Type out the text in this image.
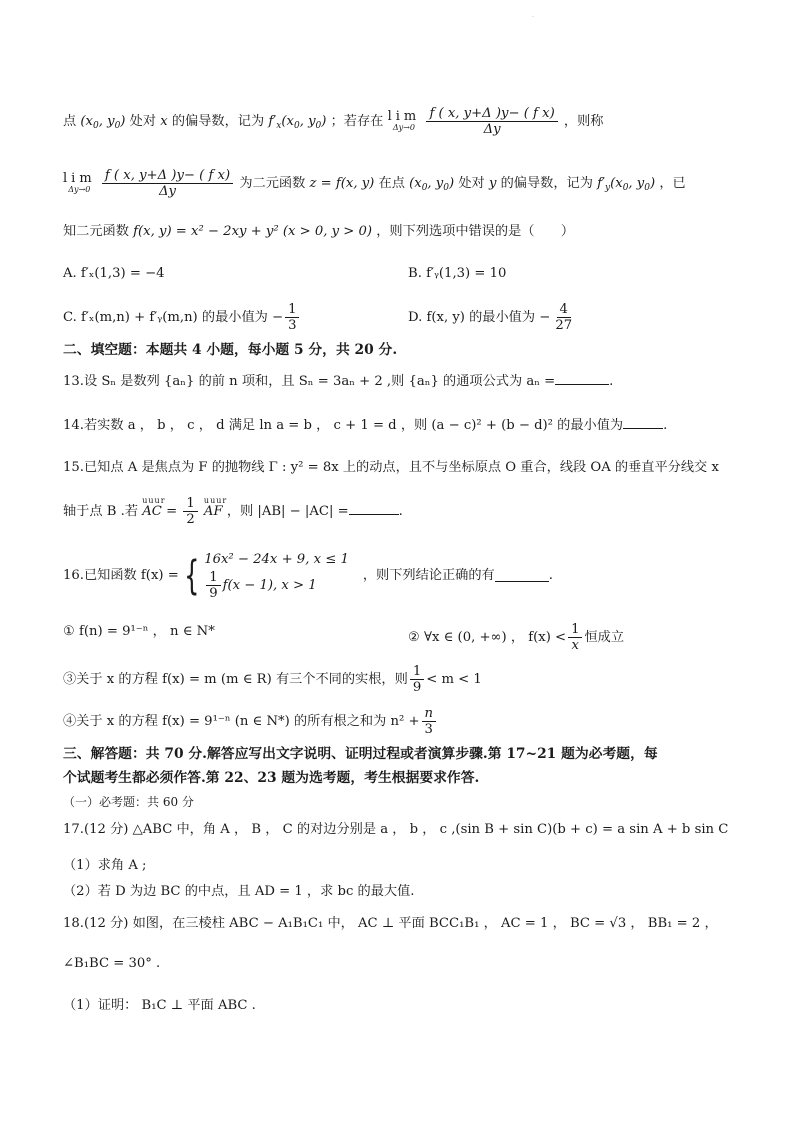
·
点 ($x_0$, $y_0$) 处对 x 的偏导数，记为 $f'_x(x_0$, $y_0$) ；若存在 lim
Δy→0
$\frac{\text{f ( x, y+Δ )y− ( f x)}}{\Delta y}$ ，则称
lim
Δy→0
$\frac{\text{f ( x, y+Δ )y− ( f x)}}{\Delta y}$ 为二元函数 z = f(x, y) 在点 ($x_0$, $y_0$) 处对 y 的偏导数，记为 $f'_y(x_0$, $y_0$) ，已
知二元函数 f(x, y) = x² − 2xy + y² (x > 0, y > 0) ，则下列选项中错误的是（　　）
A. f′ₓ(1,3) = −4	B. f′ᵧ(1,3) = 10
C. f′ₓ(m,n) + f′ᵧ(m,n) 的最小值为 − $\frac{1}{3}$	D. f(x, y) 的最小值为 − $\frac{4}{27}$
二、填空题：本题共 4 小题，每小题 5 分，共 20 分.
13.设 Sₙ 是数列 {aₙ} 的前 n 项和，且 Sₙ = 3aₙ + 2 ,则 {aₙ} 的通项公式为 aₙ =	.
14.若实数 a ， b ， c ， d 满足 ln a = b ， c + 1 = d ，则 (a − c)² + (b − d)² 的最小值为	.
15.已知点 A 是焦点为 F 的抛物线 Γ : y² = 8x 上的动点，且不与坐标原点 O 重合，线段 OA 的垂直平分线交 x
轴于点 B .若
uuur
AC = $\frac{1}{2}$
uuur
AF ，则 |AB| − |AC| =	.
16.已知函数 f(x) = { 16x² − 24x + 9, x ≤ 1
$\frac{1}{9} f(x - 1)$, x > 1
，则下列结论正确的有	.
① f(n) = 9¹⁻ⁿ ， n ∈ N*	② ∀x ∈ (0, +∞) ， $f(x) < \frac{1}{x}$ 恒成立
③关于 x 的方程 f(x) = m (m ∈ R) 有三个不同的实根，则 $\frac{1}{9} < m < 1$
④关于 x 的方程 f(x) = 9¹⁻ⁿ (n ∈ N*) 的所有根之和为 $n^2 + \frac{n}{3}$
三、解答题：共 70 分.解答应写出文字说明、证明过程或者演算步骤.第 17~21 题为必考题，每
个试题考生都必须作答.第 22、23 题为选考题，考生根据要求作答.
（一）必考题：共 60 分
17.(12 分) △ABC 中，角 A ， B ， C 的对边分别是 a ， b ， c ,(sin B + sin C)(b + c) = a sin A + b sin C
（1）求角 A ;
（2）若 D 为边 BC 的中点，且 AD = 1 ，求 bc 的最大值.
18.(12 分) 如图，在三棱柱 ABC − A₁B₁C₁ 中， AC ⊥ 平面 BCC₁B₁ ， AC = 1 ， BC = √3 ， BB₁ = 2 ，
∠B₁BC = 30° .
（1）证明： B₁C ⊥ 平面 ABC .
